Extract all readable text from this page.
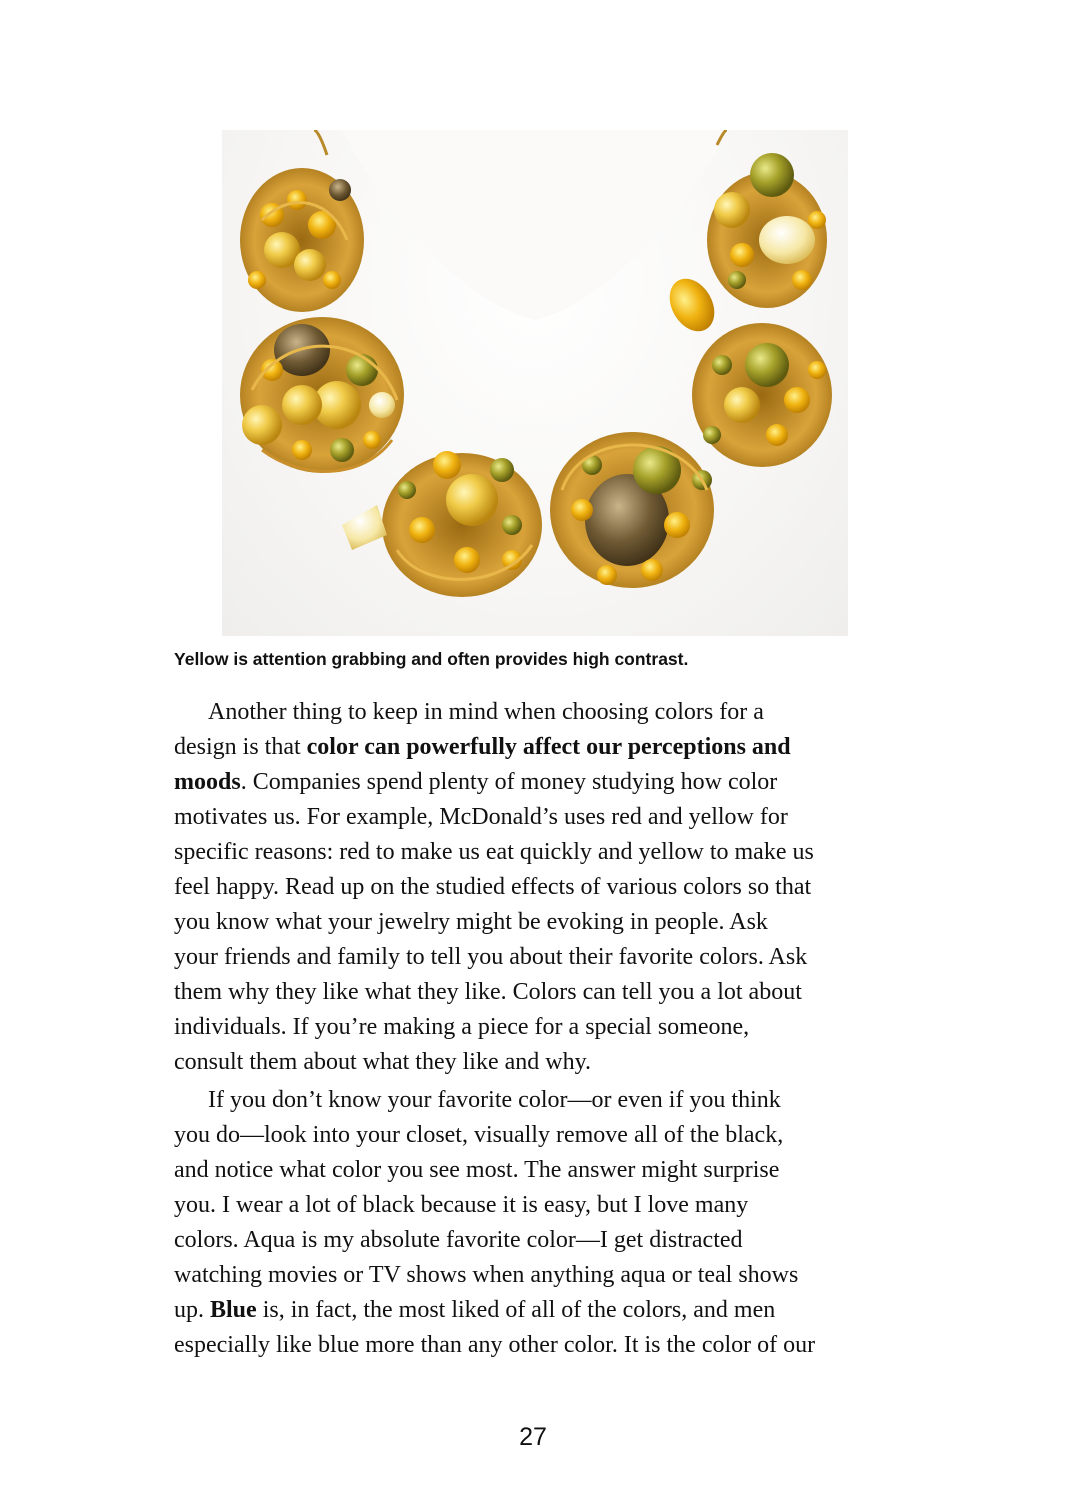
Yellow is attention grabbing and often provides high contrast.
Another thing to keep in mind when choosing colors for a
design is that color can powerfully affect our perceptions and
moods. Companies spend plenty of money studying how color
motivates us. For example, McDonald’s uses red and yellow for
specific reasons: red to make us eat quickly and yellow to make us
feel happy. Read up on the studied effects of various colors so that
you know what your jewelry might be evoking in people. Ask
your friends and family to tell you about their favorite colors. Ask
them why they like what they like. Colors can tell you a lot about
individuals. If you’re making a piece for a special someone,
consult them about what they like and why.
If you don’t know your favorite color—or even if you think
you do—look into your closet, visually remove all of the black,
and notice what color you see most. The answer might surprise
you. I wear a lot of black because it is easy, but I love many
colors. Aqua is my absolute favorite color—I get distracted
watching movies or TV shows when anything aqua or teal shows
up. Blue is, in fact, the most liked of all of the colors, and men
especially like blue more than any other color. It is the color of our
27
